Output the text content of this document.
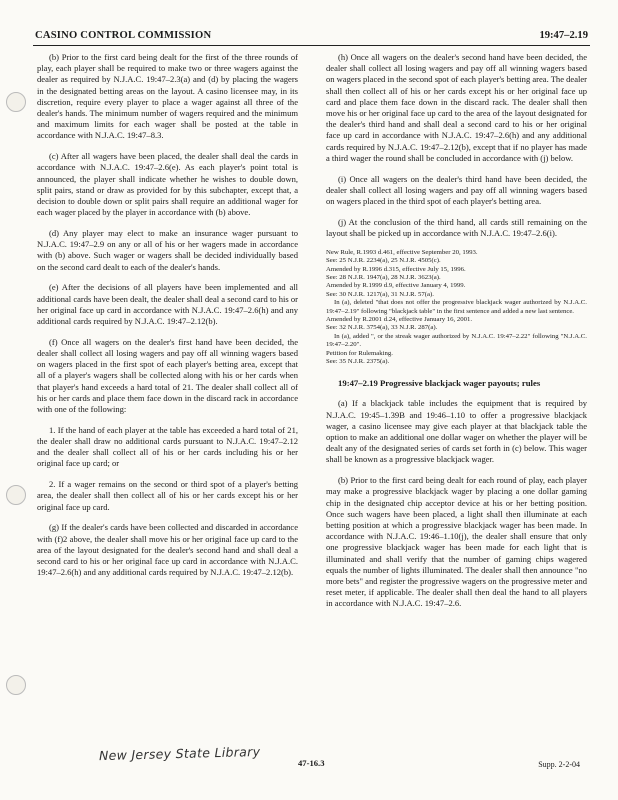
CASINO CONTROL COMMISSION	19:47–2.19

(b) Prior to the first card being dealt for the first of the three rounds of play, each player shall be required to make two or three wagers against the dealer as required by N.J.A.C. 19:47–2.3(a) and (d) by placing the wagers in the designated betting areas on the layout. A casino licensee may, in its discretion, require every player to place a wager against all three of the dealer's hands. The minimum number of wagers required and the minimum and maximum limits for each wager shall be posted at the table in accordance with N.J.A.C. 19:47–8.3.

(c) After all wagers have been placed, the dealer shall deal the cards in accordance with N.J.A.C. 19:47–2.6(e). As each player's point total is announced, the player shall indicate whether he wishes to double down, split pairs, stand or draw as provided for by this subchapter, except that, a decision to double down or split pairs shall require an additional wager for each wager placed by the player in accordance with (b) above.

(d) Any player may elect to make an insurance wager pursuant to N.J.A.C. 19:47–2.9 on any or all of his or her wagers made in accordance with (b) above. Such wager or wagers shall be decided individually based on the second card dealt to each of the dealer's hands.

(e) After the decisions of all players have been implemented and all additional cards have been dealt, the dealer shall deal a second card to his or her original face up card in accordance with N.J.A.C. 19:47–2.6(h) and any additional cards required by N.J.A.C. 19:47–2.12(b).

(f) Once all wagers on the dealer's first hand have been decided, the dealer shall collect all losing wagers and pay off all winning wagers based on wagers placed in the first spot of each player's betting area, except that all of a player's wagers shall be collected along with his or her cards when that player's hand exceeds a hard total of 21. The dealer shall collect all of his or her cards and place them face down in the discard rack in accordance with one of the following:

1. If the hand of each player at the table has exceeded a hard total of 21, the dealer shall draw no additional cards pursuant to N.J.A.C. 19:47–2.12 and the dealer shall collect all of his or her cards including his or her original face up card; or

2. If a wager remains on the second or third spot of a player's betting area, the dealer shall then collect all of his or her cards except his or her original face up card.

(g) If the dealer's cards have been collected and discarded in accordance with (f)2 above, the dealer shall move his or her original face up card to the area of the layout designated for the dealer's second hand and shall deal a second card to his or her original face up card in accordance with N.J.A.C. 19:47–2.6(h) and any additional cards required by N.J.A.C. 19:47–2.12(b).

(h) Once all wagers on the dealer's second hand have been decided, the dealer shall collect all losing wagers and pay off all winning wagers based on wagers placed in the second spot of each player's betting area. The dealer shall then collect all of his or her cards except his or her original face up card and place them face down in the discard rack. The dealer shall then move his or her original face up card to the area of the layout designated for the dealer's third hand and shall deal a second card to his or her original face up card in accordance with N.J.A.C. 19:47–2.6(h) and any additional cards required by N.J.A.C. 19:47–2.12(b), except that if no player has made a third wager the round shall be concluded in accordance with (j) below.

(i) Once all wagers on the dealer's third hand have been decided, the dealer shall collect all losing wagers and pay off all winning wagers based on wagers placed in the third spot of each player's betting area.

(j) At the conclusion of the third hand, all cards still remaining on the layout shall be picked up in accordance with N.J.A.C. 19:47–2.6(i).

New Rule, R.1993 d.461, effective September 20, 1993.

See: 25 N.J.R. 2234(a), 25 N.J.R. 4505(c).

Amended by R.1996 d.315, effective July 15, 1996.

See: 28 N.J.R. 1947(a), 28 N.J.R. 3623(a).

Amended by R.1999 d.9, effective January 4, 1999.

See: 30 N.J.R. 1217(a), 31 N.J.R. 57(a).

In (a), deleted "that does not offer the progressive blackjack wager authorized by N.J.A.C. 19:47–2.19" following "blackjack table" in the first sentence and added a new last sentence.

Amended by R.2001 d.24, effective January 16, 2001.

See: 32 N.J.R. 3754(a), 33 N.J.R. 287(a).

In (a), added ", or the streak wager authorized by N.J.A.C. 19:47–2.22" following "N.J.A.C. 19:47–2.20".

Petition for Rulemaking.

See: 35 N.J.R. 2375(a).

19:47–2.19 Progressive blackjack wager payouts; rules

(a) If a blackjack table includes the equipment that is required by N.J.A.C. 19:45–1.39B and 19:46–1.10 to offer a progressive blackjack wager, a casino licensee may give each player at that blackjack table the option to make an additional one dollar wager on whether the player will be dealt any of the designated series of cards set forth in (c) below. This wager shall be known as a progressive blackjack wager.

(b) Prior to the first card being dealt for each round of play, each player may make a progressive blackjack wager by placing a one dollar gaming chip in the designated chip acceptor device at his or her betting position. Once such wagers have been placed, a light shall then illuminate at each betting position at which a progressive blackjack wager has been made. In accordance with N.J.A.C. 19:46–1.10(j), the dealer shall ensure that only one progressive blackjack wager has been made for each light that is illuminated and shall verify that the number of gaming chips wagered equals the number of lights illuminated. The dealer shall then announce "no more bets" and register the progressive wagers on the progressive meter and reset meter, if applicable. The dealer shall then deal the hand to all players in accordance with N.J.A.C. 19:47–2.6.

New Jersey State Library	47-16.3	Supp. 2-2-04
